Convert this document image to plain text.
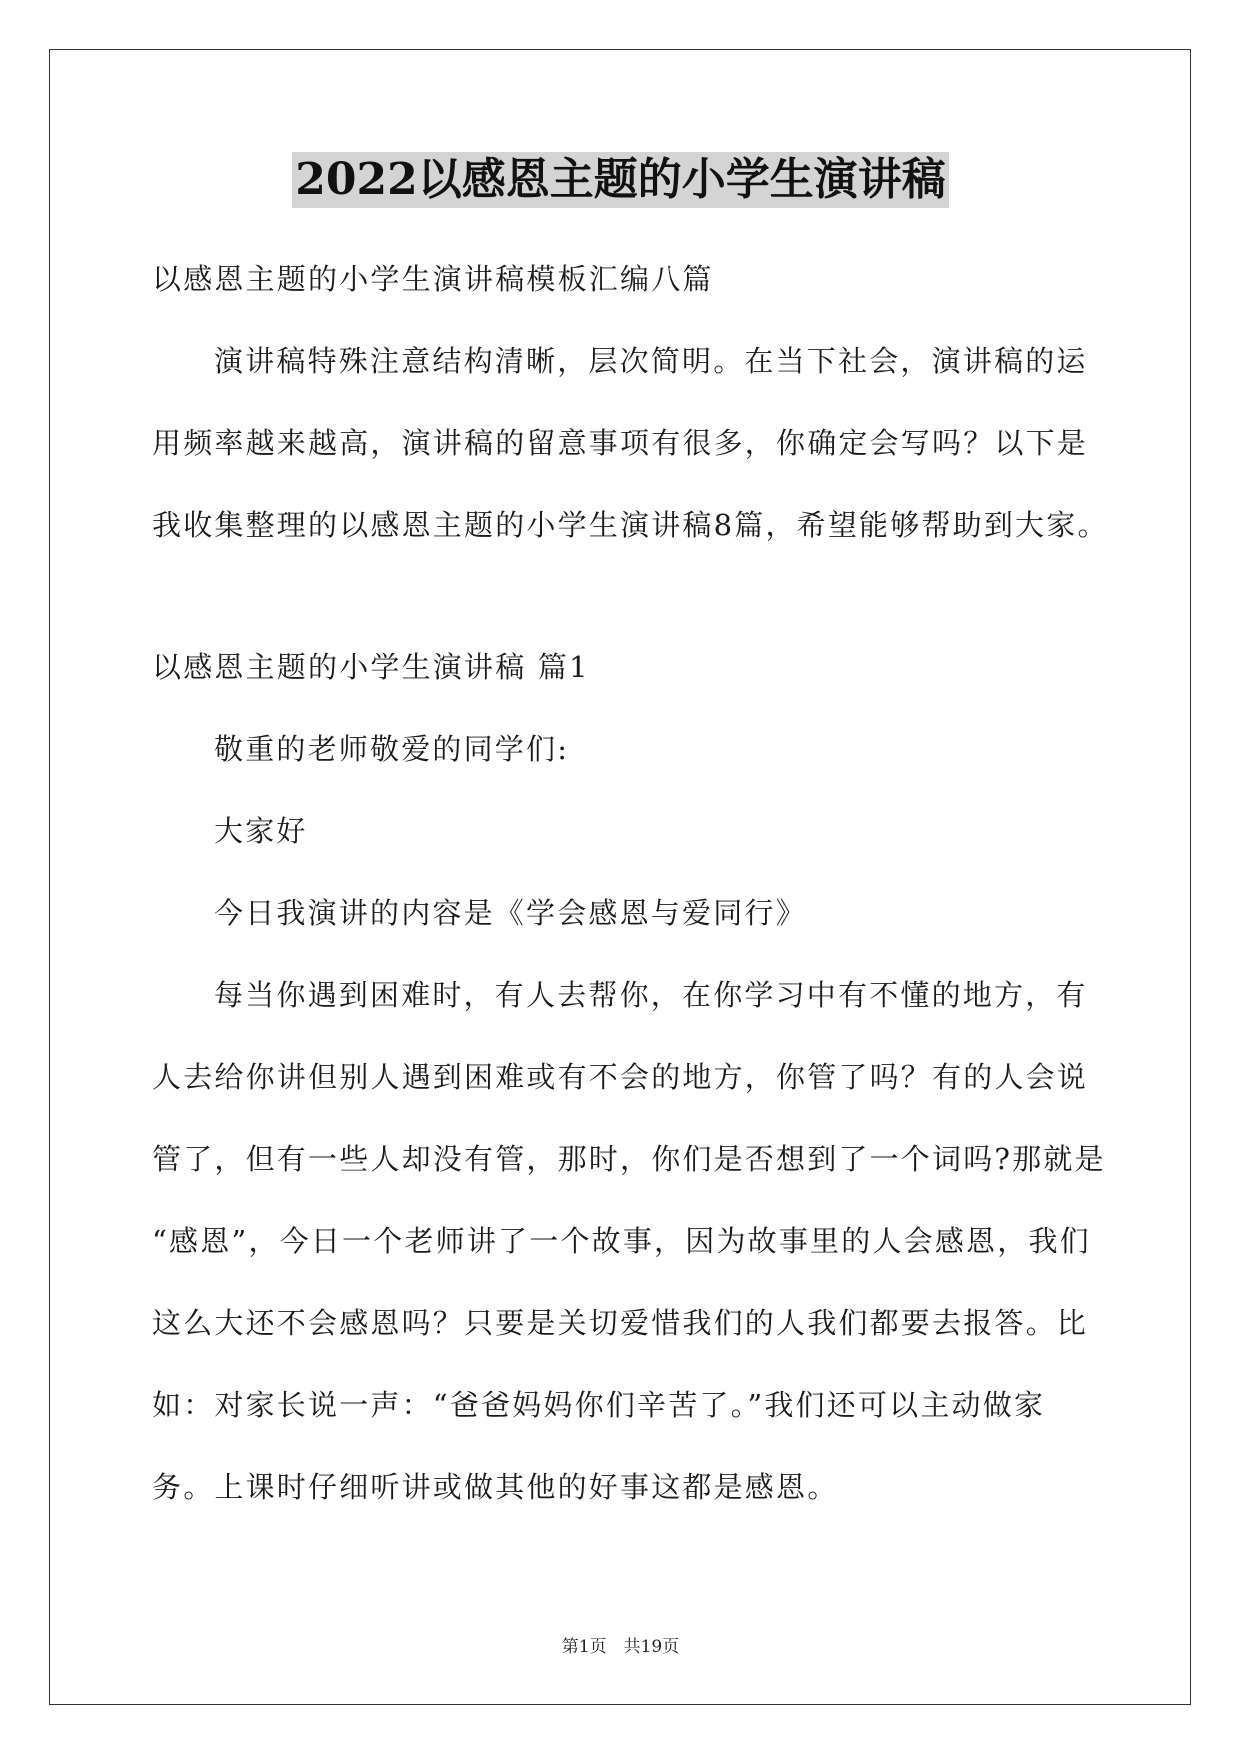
2022以感恩主题的小学生演讲稿
以感恩主题的小学生演讲稿模板汇编八篇
演讲稿特殊注意结构清晰，层次简明。在当下社会，演讲稿的运
用频率越来越高，演讲稿的留意事项有很多，你确定会写吗？以下是
我收集整理的以感恩主题的小学生演讲稿8篇，希望能够帮助到大家。
以感恩主题的小学生演讲稿 篇1
敬重的老师敬爱的同学们:
大家好
今日我演讲的内容是《学会感恩与爱同行》
每当你遇到困难时，有人去帮你，在你学习中有不懂的地方，有
人去给你讲但别人遇到困难或有不会的地方，你管了吗？有的人会说
管了，但有一些人却没有管，那时，你们是否想到了一个词吗?那就是
“感恩”，今日一个老师讲了一个故事，因为故事里的人会感恩，我们
这么大还不会感恩吗？只要是关切爱惜我们的人我们都要去报答。比
如：对家长说一声：“爸爸妈妈你们辛苦了。”我们还可以主动做家
务。上课时仔细听讲或做其他的好事这都是感恩。
第1页　共19页
